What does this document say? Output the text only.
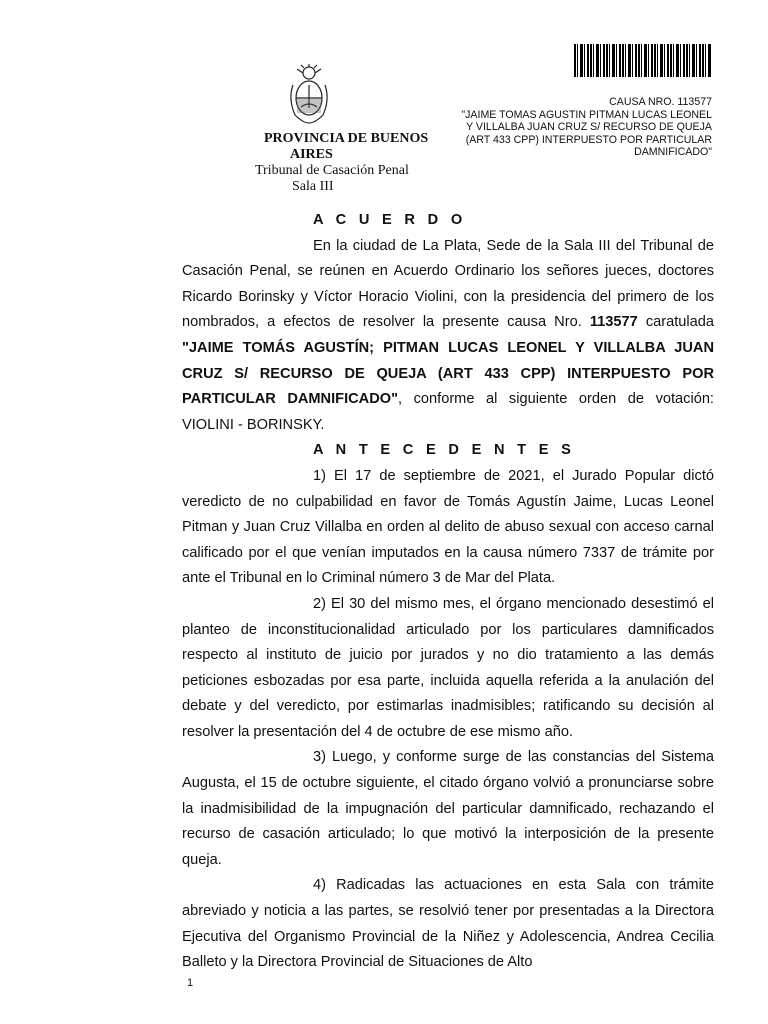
PROVINCIA DE BUENOS
AIRES
Tribunal de Casación Penal
Sala III
CAUSA NRO. 113577
"JAIME TOMAS AGUSTIN PITMAN LUCAS LEONEL
Y VILLALBA JUAN CRUZ S/ RECURSO DE QUEJA
(ART 433 CPP) INTERPUESTO POR PARTICULAR
DAMNIFICADO"
A C U E R D O

En la ciudad de La Plata, Sede de la Sala III del Tribunal de Casación Penal, se reúnen en Acuerdo Ordinario los señores jueces, doctores Ricardo Borinsky y Víctor Horacio Violini, con la presidencia del primero de los nombrados, a efectos de resolver la presente causa Nro. 113577 caratulada "JAIME TOMÁS AGUSTÍN; PITMAN LUCAS LEONEL Y VILLALBA JUAN CRUZ S/ RECURSO DE QUEJA (ART 433 CPP) INTERPUESTO POR PARTICULAR DAMNIFICADO", conforme al siguiente orden de votación: VIOLINI - BORINSKY.

A N T E C E D E N T E S

1) El 17 de septiembre de 2021, el Jurado Popular dictó veredicto de no culpabilidad en favor de Tomás Agustín Jaime, Lucas Leonel Pitman y Juan Cruz Villalba en orden al delito de abuso sexual con acceso carnal calificado por el que venían imputados en la causa número 7337 de trámite por ante el Tribunal en lo Criminal número 3 de Mar del Plata.

2) El 30 del mismo mes, el órgano mencionado desestimó el planteo de inconstitucionalidad articulado por los particulares damnificados respecto al instituto de juicio por jurados y no dio tratamiento a las demás peticiones esbozadas por esa parte, incluida aquella referida a la anulación del debate y del veredicto, por estimarlas inadmisibles; ratificando su decisión al resolver la presentación del 4 de octubre de ese mismo año.

3) Luego, y conforme surge de las constancias del Sistema Augusta, el 15 de octubre siguiente, el citado órgano volvió a pronunciarse sobre la inadmisibilidad de la impugnación del particular damnificado, rechazando el recurso de casación articulado; lo que motivó la interposición de la presente queja.

4) Radicadas las actuaciones en esta Sala con trámite abreviado y noticia a las partes, se resolvió tener por presentadas a la Directora Ejecutiva del Organismo Provincial de la Niñez y Adolescencia, Andrea Cecilia Balleto y la Directora Provincial de Situaciones de Alto

1
